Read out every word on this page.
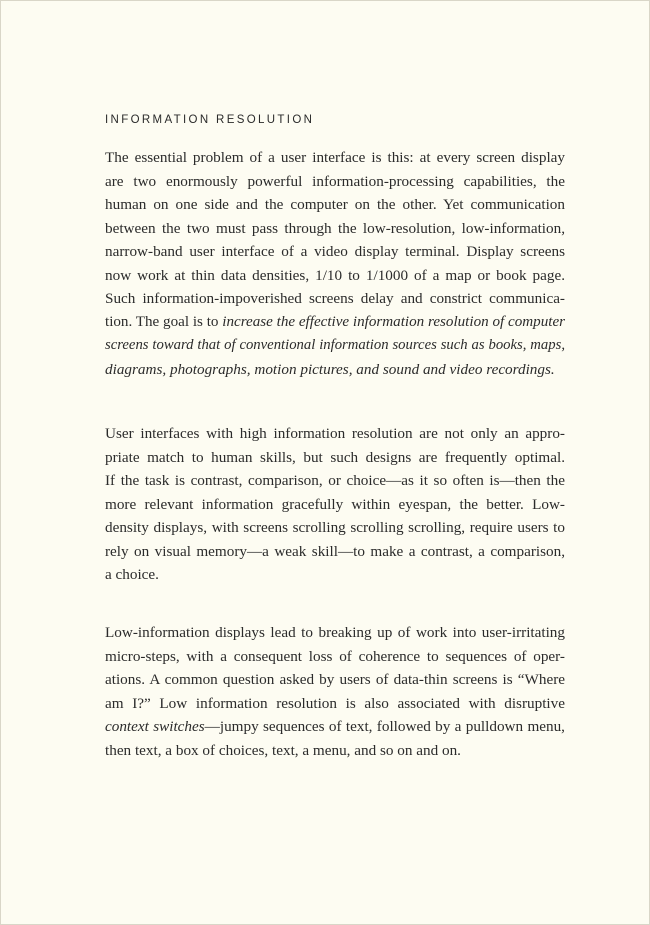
INFORMATION RESOLUTION

The essential problem of a user interface is this: at every screen display
are two enormously powerful information-processing capabilities, the
human on one side and the computer on the other. Yet communication
between the two must pass through the low-resolution, low-information,
narrow-band user interface of a video display terminal. Display screens
now work at thin data densities, 1/10 to 1/1000 of a map or book page.
Such information-impoverished screens delay and constrict communica-
tion. The goal is to increase the effective information resolution of computer
screens toward that of conventional information sources such as books, maps,
diagrams, photographs, motion pictures, and sound and video recordings.

User interfaces with high information resolution are not only an appro-
priate match to human skills, but such designs are frequently optimal.
If the task is contrast, comparison, or choice—as it so often is—then the
more relevant information gracefully within eyespan, the better. Low-
density displays, with screens scrolling scrolling scrolling, require users to
rely on visual memory—a weak skill—to make a contrast, a comparison,
a choice.

Low-information displays lead to breaking up of work into user-irritating
micro-steps, with a consequent loss of coherence to sequences of oper-
ations. A common question asked by users of data-thin screens is “Where
am I?” Low information resolution is also associated with disruptive
context switches—jumpy sequences of text, followed by a pulldown menu,
then text, a box of choices, text, a menu, and so on and on.
